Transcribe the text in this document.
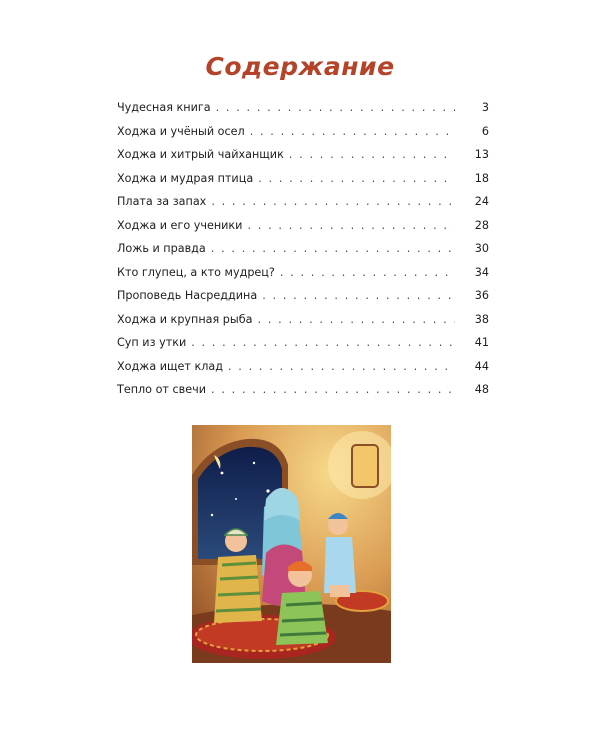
Содержание
Чудесная книга . . .	3
Ходжа и учёный осел . . .	6
Ходжа и хитрый чайханщик . . .	13
Ходжа и мудрая птица . . .	18
Плата за запах . . .	24
Ходжа и его ученики . . .	28
Ложь и правда . . .	30
Кто глупец, а кто мудрец? . . .	34
Проповедь Насреддина . . .	36
Ходжа и крупная рыба . . .	38
Суп из утки . . .	41
Ходжа ищет клад . . .	44
Тепло от свечи . . .	48
